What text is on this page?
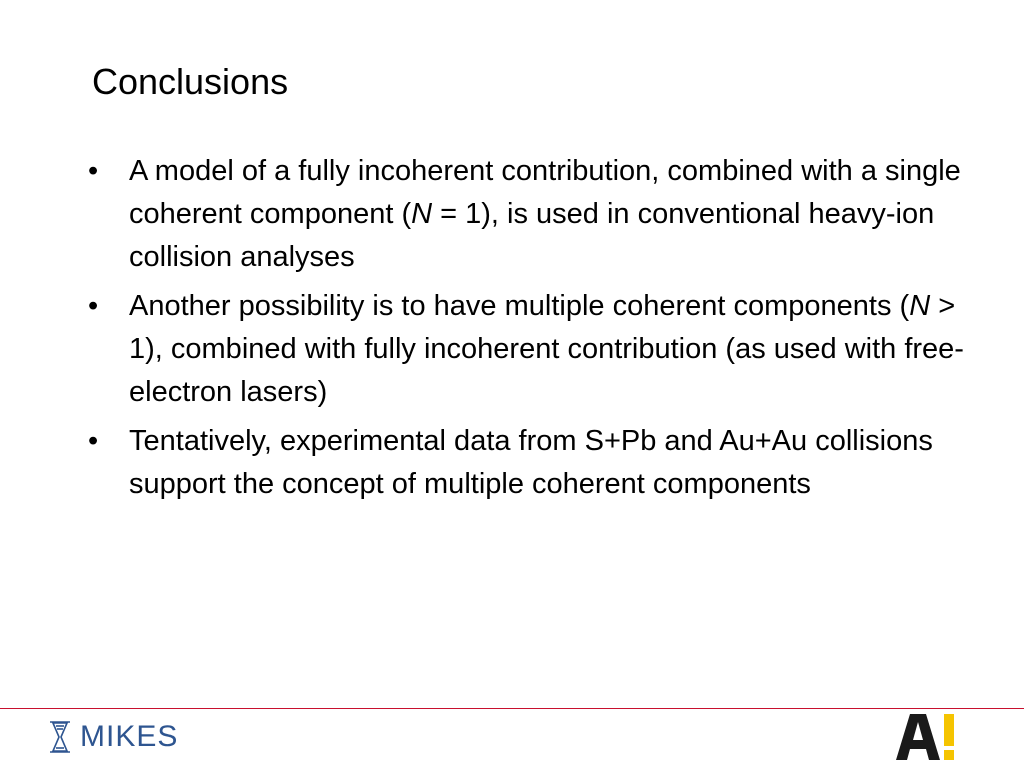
Conclusions
•	A model of a fully incoherent contribution, combined with a single coherent component (N = 1), is used in conventional heavy-ion collision analyses
•	Another possibility is to have multiple coherent components (N > 1), combined with fully incoherent contribution (as used with free-electron lasers)
•	Tentatively, experimental data from S+Pb and Au+Au collisions support the concept of multiple coherent components
MIKES
